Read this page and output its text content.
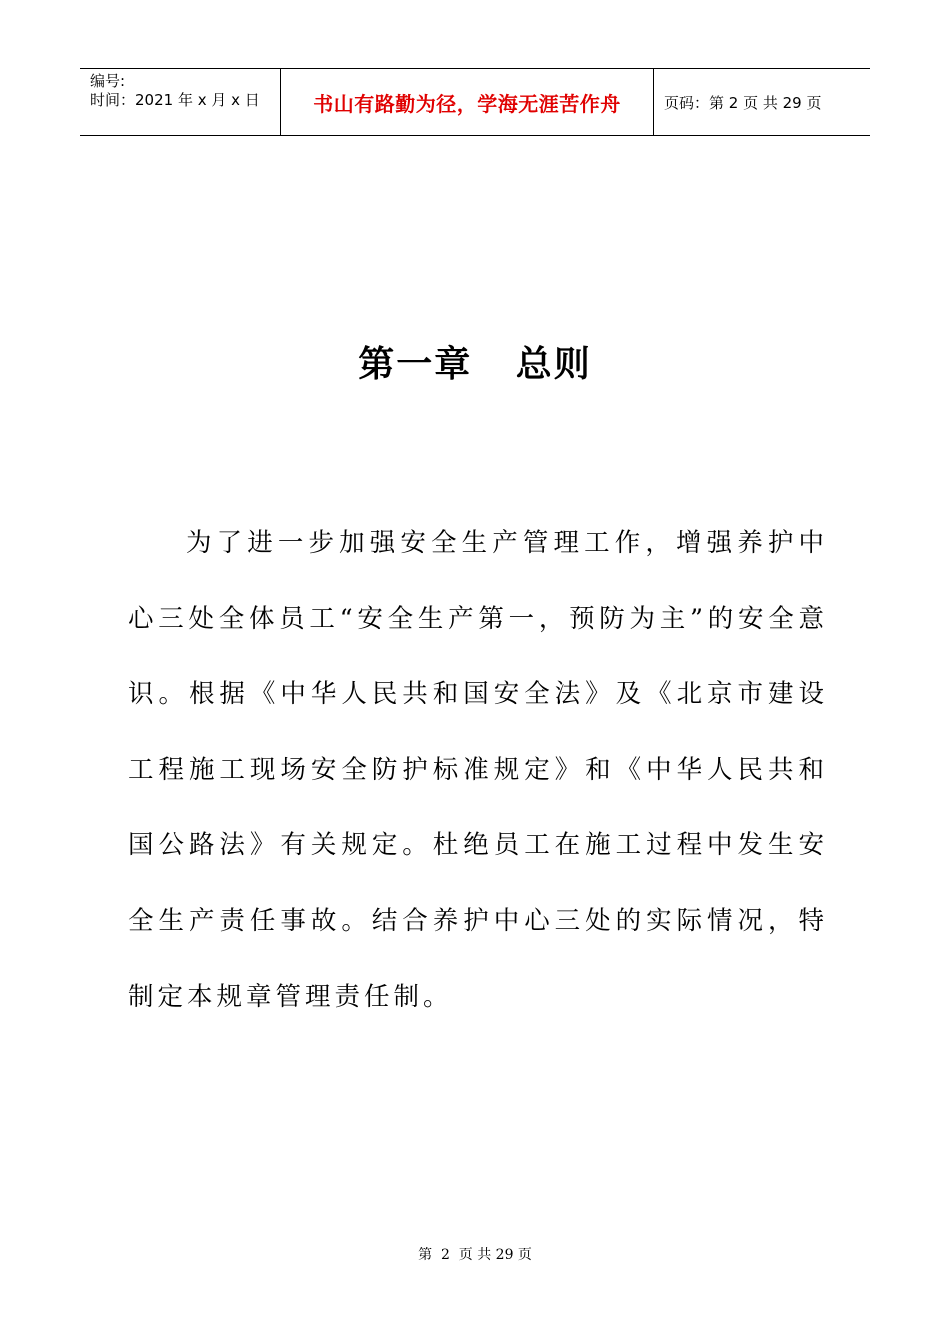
编号:
时间：2021 年 x 月 x 日	书山有路勤为径，学海无涯苦作舟	页码：第 2 页 共 29 页
第一章   总则

为了进一步加强安全生产管理工作，增强养护中心三处全体员工“安全生产第一，预防为主”的安全意识。根据《中华人民共和国安全法》及《北京市建设工程施工现场安全防护标准规定》和《中华人民共和国公路法》有关规定。杜绝员工在施工过程中发生安全生产责任事故。结合养护中心三处的实际情况，特制定本规章管理责任制。

第  2  页 共 29 页
